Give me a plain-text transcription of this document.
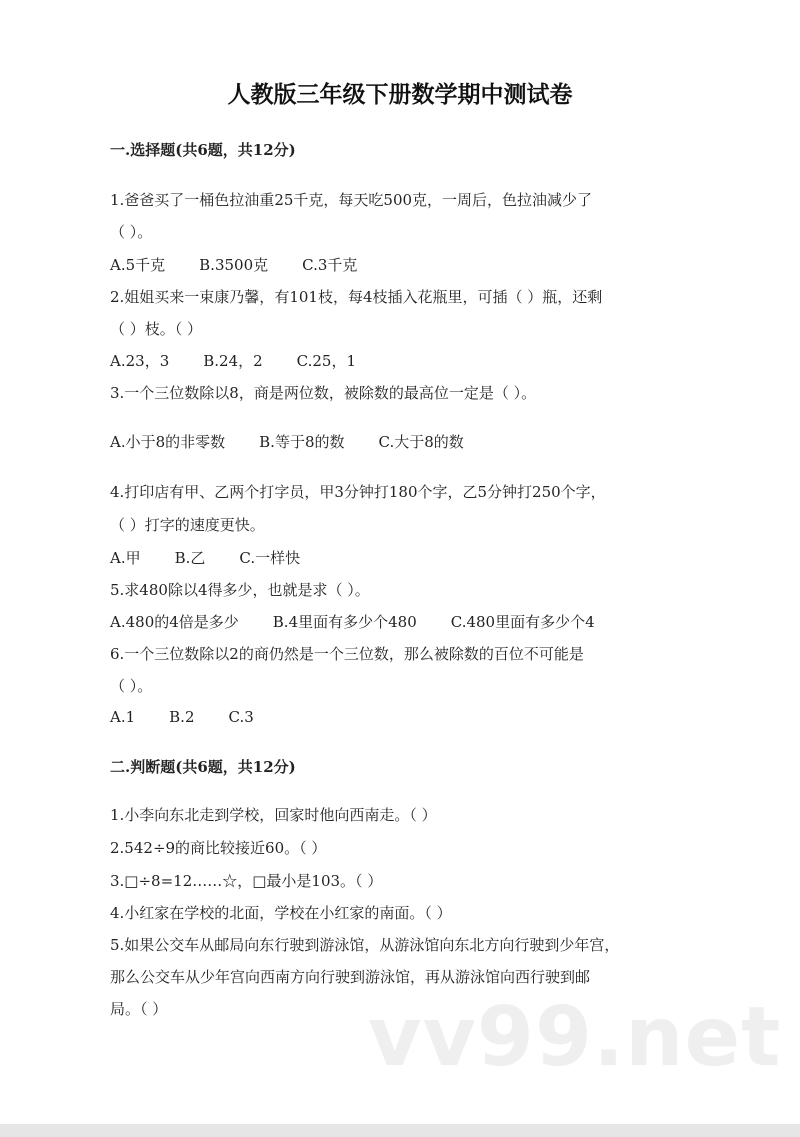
人教版三年级下册数学期中测试卷
一.选择题(共6题，共12分)
1.爸爸买了一桶色拉油重25千克，每天吃500克，一周后，色拉油减少了
（ ）。
A.5千克 B.3500克 C.3千克
2.姐姐买来一束康乃馨，有101枝，每4枝插入花瓶里，可插（ ）瓶，还剩
（ ）枝。（ ）
A.23，3 B.24，2 C.25，1
3.一个三位数除以8，商是两位数，被除数的最高位一定是（ ）。
A.小于8的非零数 B.等于8的数 C.大于8的数
4.打印店有甲、乙两个打字员，甲3分钟打180个字，乙5分钟打250个字，
（ ）打字的速度更快。
A.甲 B.乙 C.一样快
5.求480除以4得多少，也就是求（ ）。
A.480的4倍是多少 B.4里面有多少个480 C.480里面有多少个4
6.一个三位数除以2的商仍然是一个三位数，那么被除数的百位不可能是
（ ）。
A.1 B.2 C.3
二.判断题(共6题，共12分)
1.小李向东北走到学校，回家时他向西南走。（ ）
2.542÷9的商比较接近60。（ ）
3.□÷8=12……☆，□最小是103。（ ）
4.小红家在学校的北面，学校在小红家的南面。（ ）
5.如果公交车从邮局向东行驶到游泳馆，从游泳馆向东北方向行驶到少年宫，
那么公交车从少年宫向西南方向行驶到游泳馆，再从游泳馆向西行驶到邮
局。（ ） vv99.net
